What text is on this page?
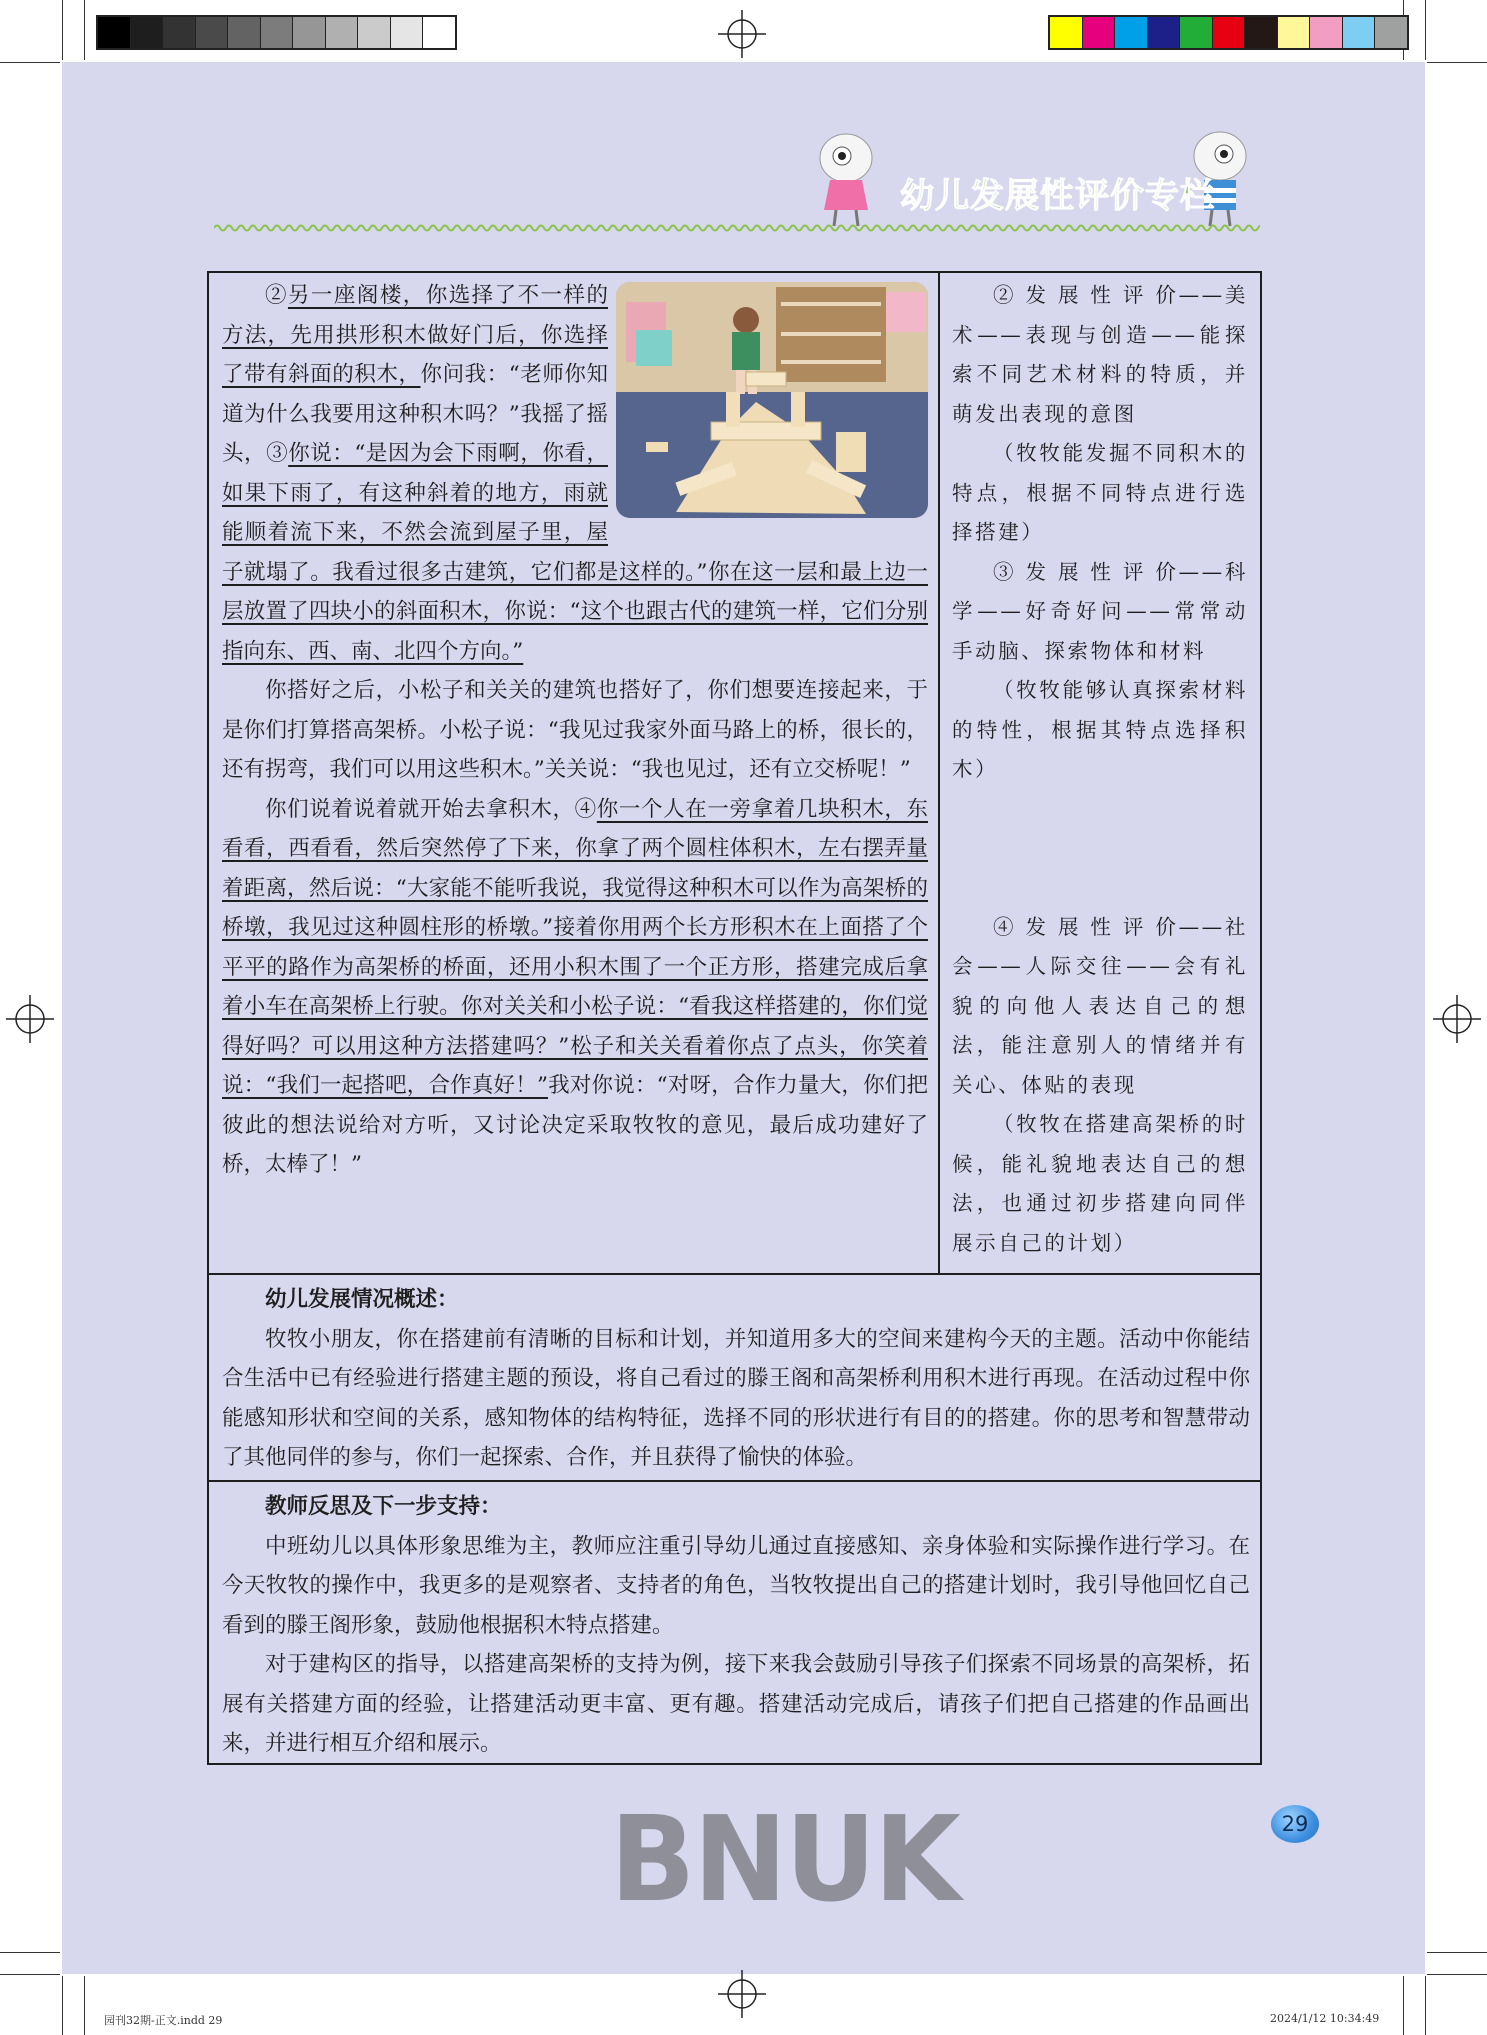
幼儿发展性评价专栏

②另一座阁楼，你选择了不一样的方法，先用拱形积木做好门后，你选择了带有斜面的积木，你问我：“老师你知道为什么我要用这种积木吗？”我摇了摇头，③你说：“是因为会下雨啊，你看，如果下雨了，有这种斜着的地方，雨就能顺着流下来，不然会流到屋子里，屋子就塌了。我看过很多古建筑，它们都是这样的。”你在这一层和最上边一层放置了四块小的斜面积木，你说：“这个也跟古代的建筑一样，它们分别指向东、西、南、北四个方向。”

你搭好之后，小松子和关关的建筑也搭好了，你们想要连接起来，于是你们打算搭高架桥。小松子说：“我见过我家外面马路上的桥，很长的，还有拐弯，我们可以用这些积木。”关关说：“我也见过，还有立交桥呢！”

你们说着说着就开始去拿积木，④你一个人在一旁拿着几块积木，东看看，西看看，然后突然停了下来，你拿了两个圆柱体积木，左右摆弄量着距离，然后说：“大家能不能听我说，我觉得这种积木可以作为高架桥的桥墩，我见过这种圆柱形的桥墩。”接着你用两个长方形积木在上面搭了个平平的路作为高架桥的桥面，还用小积木围了一个正方形，搭建完成后拿着小车在高架桥上行驶。你对关关和小松子说：“看我这样搭建的，你们觉得好吗？可以用这种方法搭建吗？”松子和关关看着你点了点头，你笑着说：“我们一起搭吧，合作真好！”我对你说：“对呀，合作力量大，你们把彼此的想法说给对方听，又讨论决定采取牧牧的意见，最后成功建好了桥，太棒了！”

② 发 展 性 评 价——美术——表现与创造——能探索不同艺术材料的特质，并萌发出表现的意图

（牧牧能发掘不同积木的特点，根据不同特点进行选择搭建）

③ 发 展 性 评 价——科学——好奇好问——常常动手动脑、探索物体和材料

（牧牧能够认真探索材料的特性，根据其特点选择积木）

④ 发 展 性 评 价——社会——人际交往——会有礼貌的向他人表达自己的想法，能注意别人的情绪并有关心、体贴的表现

（牧牧在搭建高架桥的时候，能礼貌地表达自己的想法，也通过初步搭建向同伴展示自己的计划）

幼儿发展情况概述：

牧牧小朋友，你在搭建前有清晰的目标和计划，并知道用多大的空间来建构今天的主题。活动中你能结合生活中已有经验进行搭建主题的预设，将自己看过的滕王阁和高架桥利用积木进行再现。在活动过程中你能感知形状和空间的关系，感知物体的结构特征，选择不同的形状进行有目的的搭建。你的思考和智慧带动了其他同伴的参与，你们一起探索、合作，并且获得了愉快的体验。

教师反思及下一步支持：

中班幼儿以具体形象思维为主，教师应注重引导幼儿通过直接感知、亲身体验和实际操作进行学习。在今天牧牧的操作中，我更多的是观察者、支持者的角色，当牧牧提出自己的搭建计划时，我引导他回忆自己看到的滕王阁形象，鼓励他根据积木特点搭建。

对于建构区的指导，以搭建高架桥的支持为例，接下来我会鼓励引导孩子们探索不同场景的高架桥，拓展有关搭建方面的经验，让搭建活动更丰富、更有趣。搭建活动完成后，请孩子们把自己搭建的作品画出来，并进行相互介绍和展示。

29
BNUK
园刊32期-正文.indd 29	2024/1/12 10:34:49
